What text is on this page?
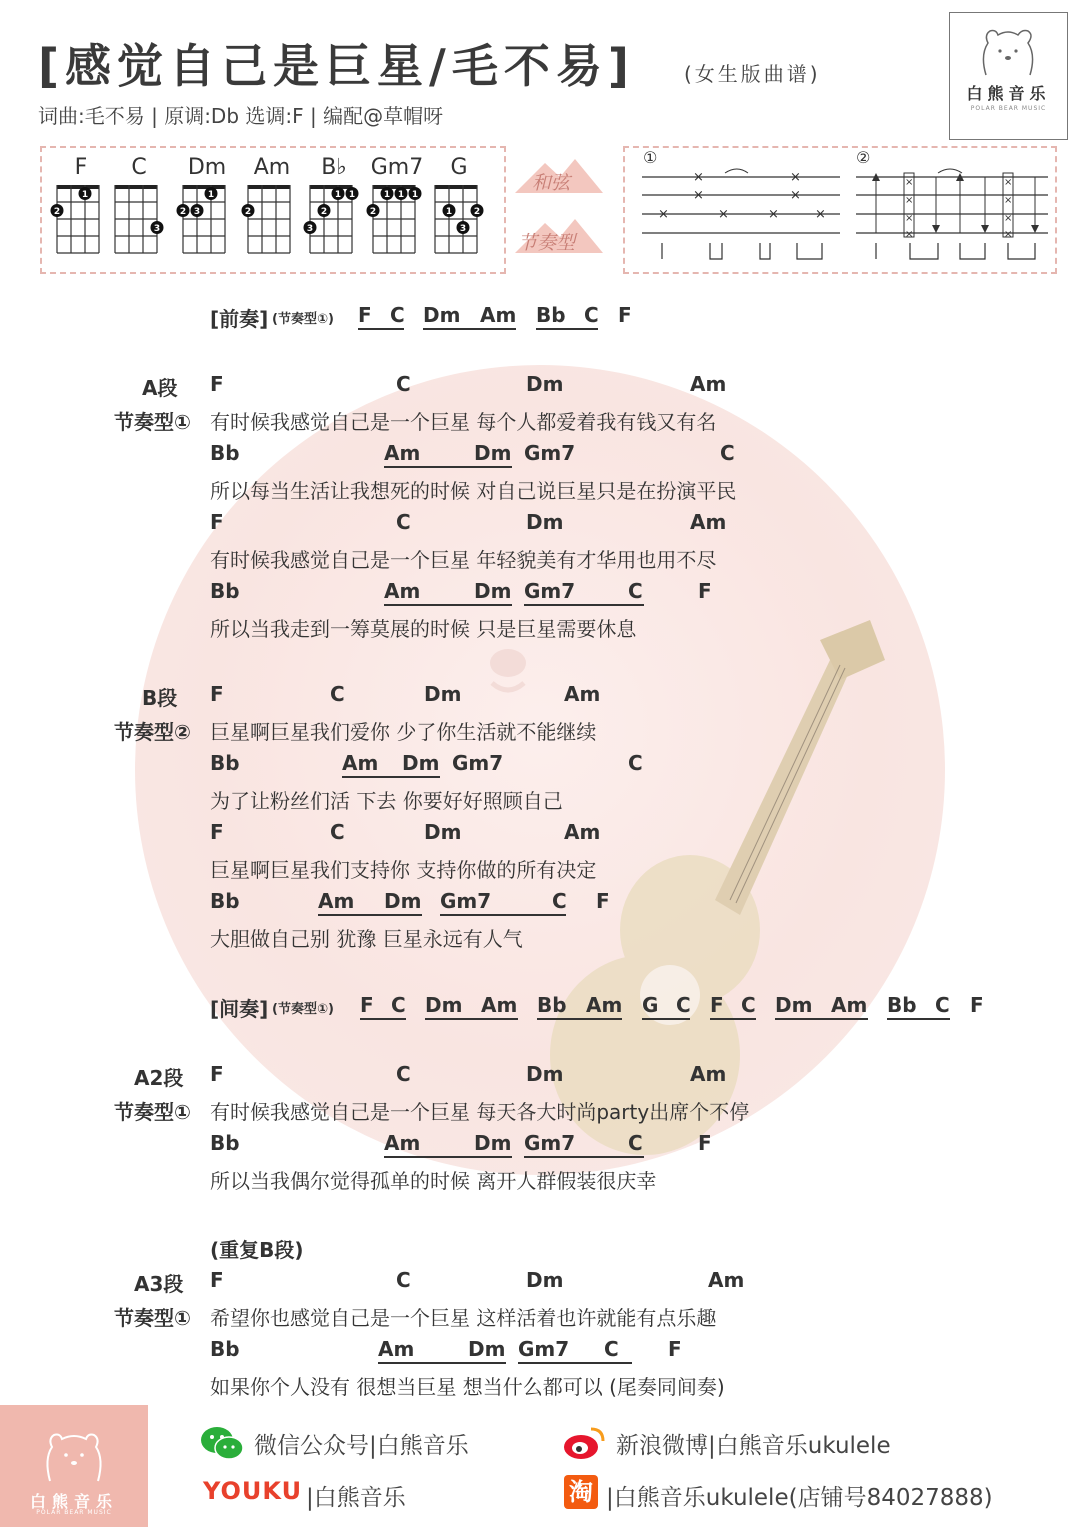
[感觉自己是巨星/毛不易] (女生版曲谱)
词曲:毛不易 | 原调:Db 选调:F | 编配@草帽呀
白熊音乐
POLAR BEAR MUSIC
F	C	Dm	Am	B♭	Gm7	G
1
2
3
1
2 3	2
3
2
1 1
2
1 1 1
1 2
3
和弦
节奏型
①	②
×
×
×
×
×	×	×	×
×
×
×
×
×
×
×
×
[前奏] (节奏型①) F C Dm Am Bb C F
A段
节奏型①
F	C	Dm	Am
有时候我感觉自己是一个巨星 每个人都爱着我有钱又有名
Bb	Am	Dm Gm7	C
所以每当生活让我想死的时候 对自己说巨星只是在扮演平民
F	C	Dm	Am
有时候我感觉自己是一个巨星 年轻貌美有才华用也用不尽
Bb	Am	Dm Gm7	C	F
所以当我走到一筹莫展的时候 只是巨星需要休息
B段
节奏型②
F	C	Dm	Am
巨星啊巨星我们爱你 少了你生活就不能继续
Bb	Am Dm Gm7	C
为了让粉丝们活 下去 你要好好照顾自己
F	C	Dm	Am
巨星啊巨星我们支持你 支持你做的所有决定
Bb	Am Dm Gm7	C F
大胆做自己别 犹豫 巨星永远有人气
[间奏] (节奏型①) F C Dm Am Bb Am G C F C Dm Am Bb C F
A2段
节奏型①
F	C	Dm	Am
有时候我感觉自己是一个巨星 每天各大时尚party出席个不停
Bb	Am	Dm Gm7	C	F
所以当我偶尔觉得孤单的时候 离开人群假装很庆幸
(重复B段)
A3段
节奏型①
F	C	Dm	Am
希望你也感觉自己是一个巨星 这样活着也许就能有点乐趣
Bb	Am	Dm Gm7 C F
如果你个人没有 很想当巨星 想当什么都可以 (尾奏同间奏)
白熊音乐
POLAR BEAR MUSIC
微信公众号|白熊音乐	新浪微博|白熊音乐ukulele
YOUKU |白熊音乐	淘 |白熊音乐ukulele(店铺号84027888)
